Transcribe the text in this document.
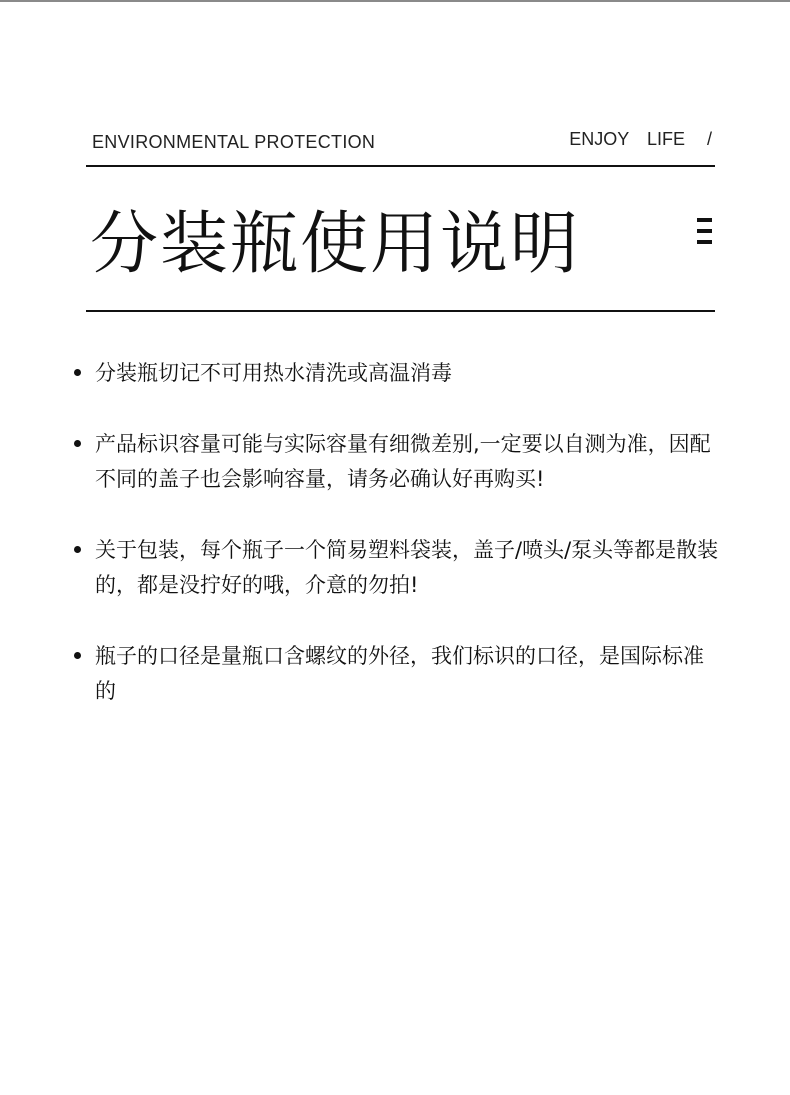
ENVIRONMENTAL PROTECTION	ENJOY  LIFE /
分装瓶使用说明
分装瓶切记不可用热水清洗或高温消毒
产品标识容量可能与实际容量有细微差别,一定要以自测为准，因配不同的盖子也会影响容量，请务必确认好再购买!
关于包装，每个瓶子一个简易塑料袋装，盖子/喷头/泵头等都是散装的，都是没拧好的哦，介意的勿拍!
瓶子的口径是量瓶口含螺纹的外径，我们标识的口径，是国际标准的
